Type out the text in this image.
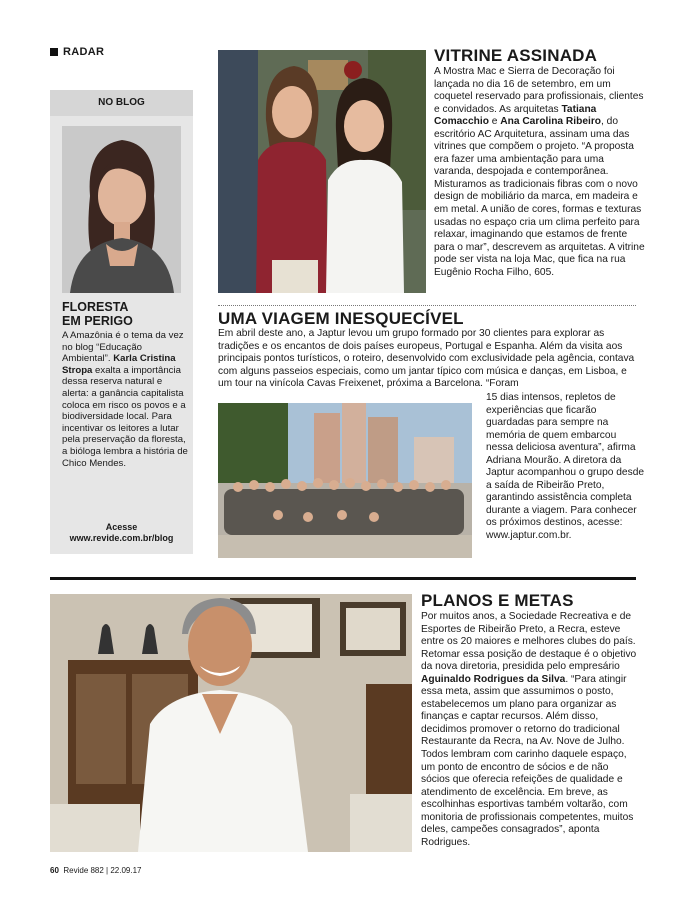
RADAR
NO BLOG
FLORESTA
EM PERIGO
A Amazônia é o tema da vez no blog “Educação Ambiental”. Karla Cristina Stropa exalta a importância dessa reserva natural e alerta: a ganância capitalista coloca em risco os povos e a biodiversidade local. Para incentivar os leitores a lutar pela preservação da floresta, a bióloga lembra a história de Chico Mendes.
Acesse
www.revide.com.br/blog
VITRINE ASSINADA
A Mostra Mac e Sierra de Decoração foi lançada no dia 16 de setembro, em um coquetel reservado para profissionais, clientes e convidados. As arquitetas Tatiana Comacchio e Ana Carolina Ribeiro, do escritório AC Arquitetura, assinam uma das vitrines que compõem o projeto. “A proposta era fazer uma ambientação para uma varanda, despojada e contemporânea. Misturamos as tradicionais fibras com o novo design de mobiliário da marca, em madeira e em metal. A união de cores, formas e texturas usadas no espaço cria um clima perfeito para relaxar, imaginando que estamos de frente para o mar”, descrevem as arquitetas. A vitrine pode ser vista na loja Mac, que fica na rua Eugênio Rocha Filho, 605.
UMA VIAGEM INESQUECÍVEL
Em abril deste ano, a Japtur levou um grupo formado por 30 clientes para explorar as tradições e os encantos de dois países europeus, Portugal e Espanha. Além da visita aos principais pontos turísticos, o roteiro, desenvolvido com exclusividade pela agência, contava com alguns passeios especiais, como um jantar típico com música e danças, em Lisboa, e um tour na vinícola Cavas Freixenet, próxima a Barcelona. “Foram
15 dias intensos, repletos de experiências que ficarão guardadas para sempre na memória de quem embarcou nessa deliciosa aventura”, afirma Adriana Mourão. A diretora da Japtur acompanhou o grupo desde a saída de Ribeirão Preto, garantindo assistência completa durante a viagem. Para conhecer os próximos destinos, acesse: www.japtur.com.br.
PLANOS E METAS
Por muitos anos, a Sociedade Recreativa e de Esportes de Ribeirão Preto, a Recra, esteve entre os 20 maiores e melhores clubes do país. Retomar essa posição de destaque é o objetivo da nova diretoria, presidida pelo empresário Aguinaldo Rodrigues da Silva. “Para atingir essa meta, assim que assumimos o posto, estabelecemos um plano para organizar as finanças e captar recursos. Além disso, decidimos promover o retorno do tradicional Restaurante da Recra, na Av. Nove de Julho. Todos lembram com carinho daquele espaço, um ponto de encontro de sócios e de não sócios que oferecia refeições de qualidade e atendimento de excelência. Em breve, as escolhinhas esportivas também voltarão, com monitoria de profissionais competentes, muitos deles, campeões consagrados”, aponta Rodrigues.
60 Revide 882 | 22.09.17
